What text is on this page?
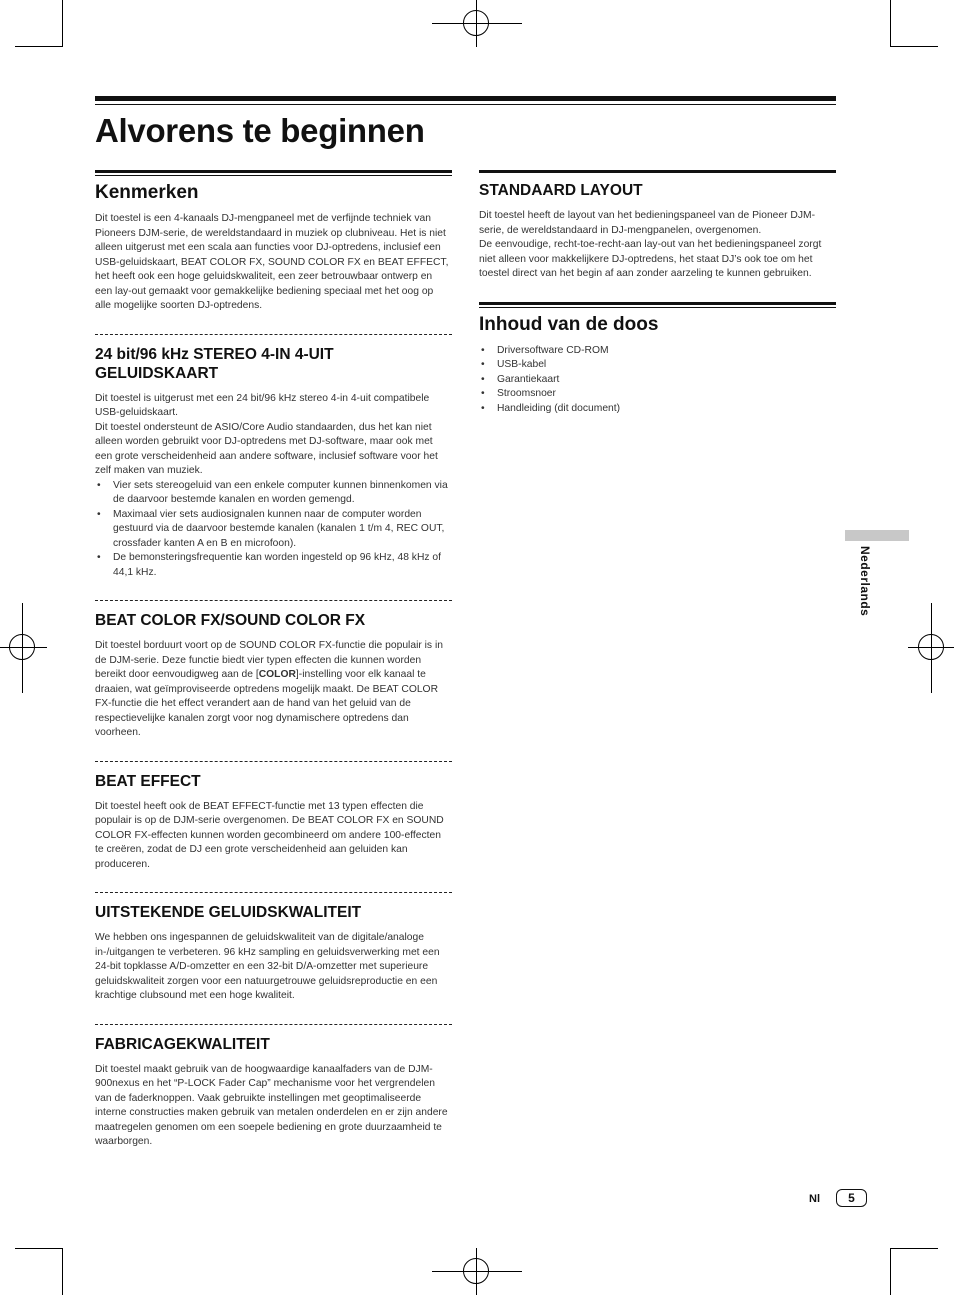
Alvorens te beginnen
Kenmerken

Dit toestel is een 4-kanaals DJ-mengpaneel met de verfijnde techniek van Pioneers DJM-serie, de wereldstandaard in muziek op clubniveau. Het is niet alleen uitgerust met een scala aan functies voor DJ-optredens, inclusief een USB-geluidskaart, BEAT COLOR FX, SOUND COLOR FX en BEAT EFFECT, het heeft ook een hoge geluidskwaliteit, een zeer betrouwbaar ontwerp en een lay-out gemaakt voor gemakkelijke bediening speciaal met het oog op alle mogelijke soorten DJ-optredens.

24 bit/96 kHz STEREO 4-IN 4-UIT GELUIDSKAART

Dit toestel is uitgerust met een 24 bit/96 kHz stereo 4-in 4-uit compatibele USB-geluidskaart.

Dit toestel ondersteunt de ASIO/Core Audio standaarden, dus het kan niet alleen worden gebruikt voor DJ-optredens met DJ-software, maar ook met een grote verscheidenheid aan andere software, inclusief software voor het zelf maken van muziek.

• Vier sets stereogeluid van een enkele computer kunnen binnenkomen via de daarvoor bestemde kanalen en worden gemengd.
• Maximaal vier sets audiosignalen kunnen naar de computer worden gestuurd via de daarvoor bestemde kanalen (kanalen 1 t/m 4, REC OUT, crossfader kanten A en B en microfoon).
• De bemonsteringsfrequentie kan worden ingesteld op 96 kHz, 48 kHz of 44,1 kHz.
BEAT COLOR FX/SOUND COLOR FX

Dit toestel borduurt voort op de SOUND COLOR FX-functie die populair is in de DJM-serie. Deze functie biedt vier typen effecten die kunnen worden bereikt door eenvoudigweg aan de [COLOR]-instelling voor elk kanaal te draaien, wat geïmproviseerde optredens mogelijk maakt. De BEAT COLOR FX-functie die het effect verandert aan de hand van het geluid van de respectievelijke kanalen zorgt voor nog dynamischere optredens dan voorheen.

BEAT EFFECT

Dit toestel heeft ook de BEAT EFFECT-functie met 13 typen effecten die populair is op de DJM-serie overgenomen. De BEAT COLOR FX en SOUND COLOR FX-effecten kunnen worden gecombineerd om andere 100-effecten te creëren, zodat de DJ een grote verscheidenheid aan geluiden kan produceren.

UITSTEKENDE GELUIDSKWALITEIT

We hebben ons ingespannen de geluidskwaliteit van de digitale/analoge in-/uitgangen te verbeteren. 96 kHz sampling en geluidsverwerking met een 24-bit topklasse A/D-omzetter en een 32-bit D/A-omzetter met superieure geluidskwaliteit zorgen voor een natuurgetrouwe geluidsreproductie en een krachtige clubsound met een hoge kwaliteit.

FABRICAGEKWALITEIT

Dit toestel maakt gebruik van de hoogwaardige kanaalfaders van de DJM-900nexus en het “P-LOCK Fader Cap” mechanisme voor het vergrendelen van de faderknoppen. Vaak gebruikte instellingen met geoptimaliseerde interne constructies maken gebruik van metalen onderdelen en er zijn andere maatregelen genomen om een soepele bediening en grote duurzaamheid te waarborgen.

STANDAARD LAYOUT

Dit toestel heeft de layout van het bedieningspaneel van de Pioneer DJM-serie, de wereldstandaard in DJ-mengpanelen, overgenomen.

De eenvoudige, recht-toe-recht-aan lay-out van het bedieningspaneel zorgt niet alleen voor makkelijkere DJ-optredens, het staat DJ’s ook toe om het toestel direct van het begin af aan zonder aarzeling te kunnen gebruiken.

Inhoud van de doos
• Driversoftware CD-ROM
• USB-kabel
• Garantiekaart
• Stroomsnoer
• Handleiding (dit document)
Nederlands
Nl	5
